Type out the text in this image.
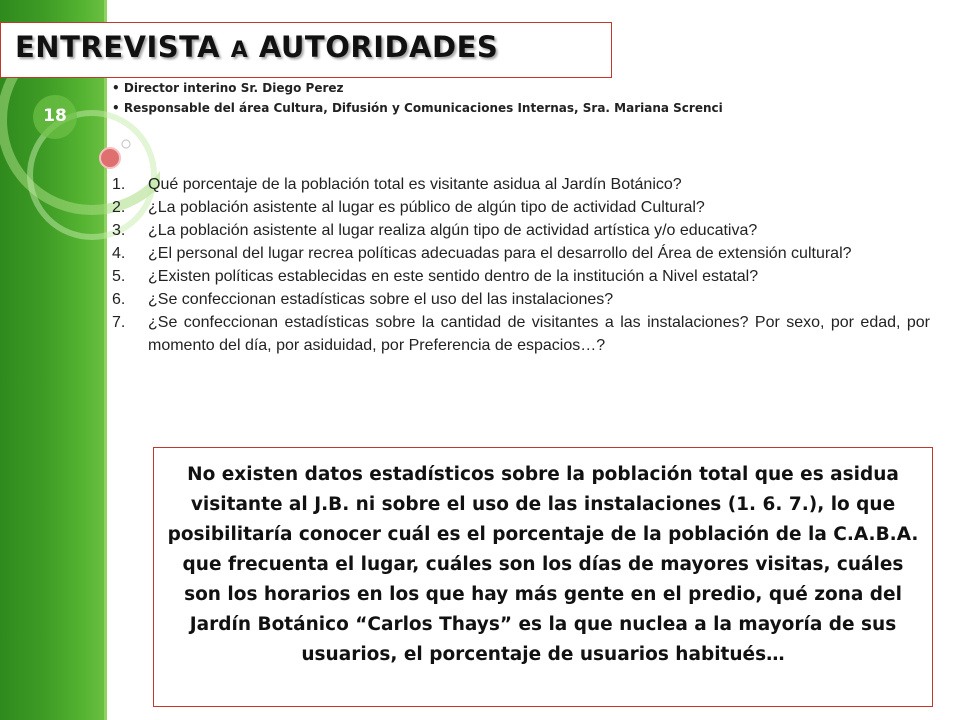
18
ENTREVISTA A AUTORIDADES
• Director interino Sr. Diego Perez
• Responsable del área Cultura, Difusión y Comunicaciones Internas, Sra. Mariana Screnci
1. Qué porcentaje de la población total es visitante asidua al Jardín Botánico?
2. ¿La población asistente al lugar es público de algún tipo de actividad Cultural?
3. ¿La población asistente al lugar realiza algún tipo de actividad artística y/o educativa?
4. ¿El personal del lugar recrea políticas adecuadas para el desarrollo del Área de extensión cultural?
5. ¿Existen políticas establecidas en este sentido dentro de la institución a Nivel estatal?
6. ¿Se confeccionan estadísticas sobre el uso del las instalaciones?
7. ¿Se confeccionan estadísticas sobre la cantidad de visitantes a las instalaciones? Por sexo, por edad, por momento del día, por asiduidad, por Preferencia de espacios…?
No existen datos estadísticos sobre la población total que es asidua visitante al J.B. ni sobre el uso de las instalaciones (1. 6. 7.), lo que posibilitaría conocer cuál es el porcentaje de la población de la C.A.B.A. que frecuenta el lugar, cuáles son los días de mayores visitas, cuáles son los horarios en los que hay más gente en el predio, qué zona del Jardín Botánico “Carlos Thays” es la que nuclea a la mayoría de sus usuarios, el porcentaje de usuarios habitués…
